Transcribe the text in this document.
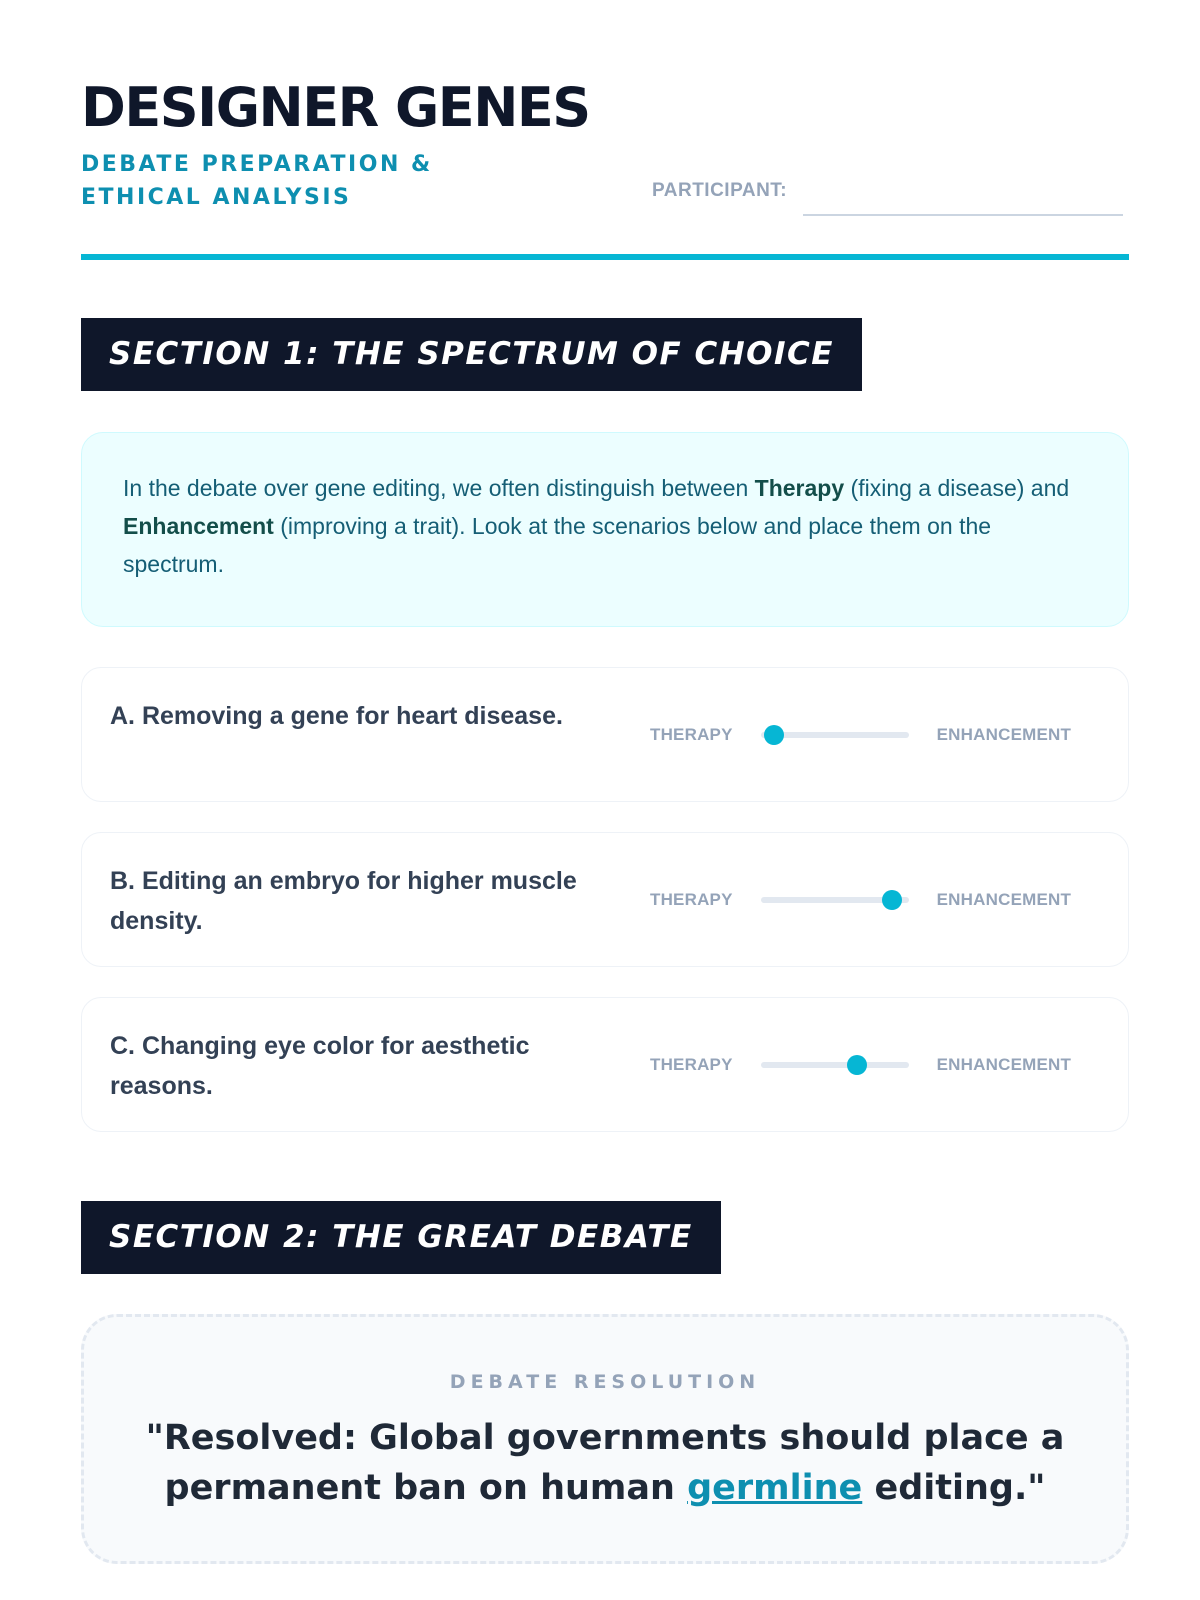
DESIGNER GENES
DEBATE PREPARATION & ETHICAL ANALYSIS	PARTICIPANT:
SECTION 1: THE SPECTRUM OF CHOICE
In the debate over gene editing, we often distinguish between Therapy (fixing a disease) and Enhancement (improving a trait). Look at the scenarios below and place them on the spectrum.
A. Removing a gene for heart disease.
THERAPY	ENHANCEMENT
B. Editing an embryo for higher muscle density.
THERAPY	ENHANCEMENT
C. Changing eye color for aesthetic reasons.
THERAPY	ENHANCEMENT
SECTION 2: THE GREAT DEBATE
DEBATE RESOLUTION
"Resolved: Global governments should place a permanent ban on human germline editing."
